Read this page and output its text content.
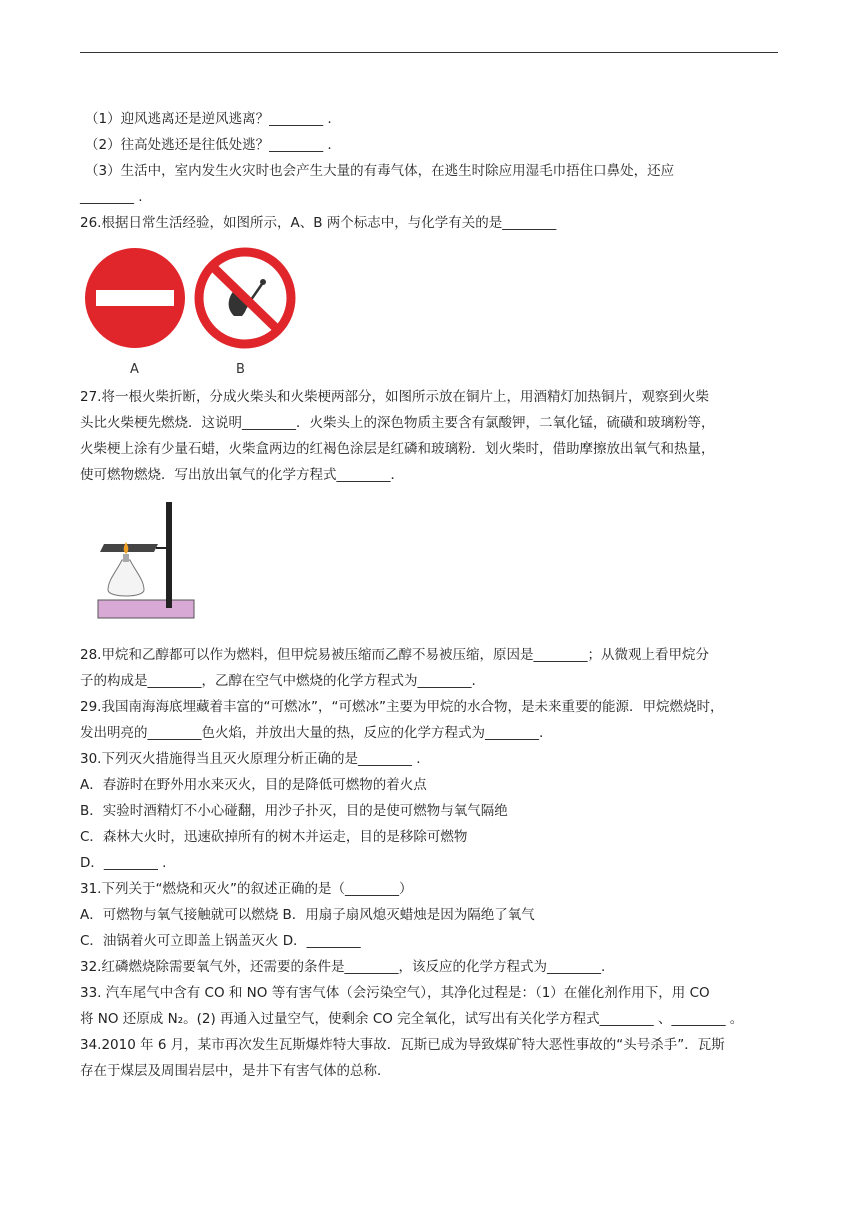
（1）迎风逃离还是逆风逃离？________ .
（2）往高处逃还是往低处逃？________ .
（3）生活中，室内发生火灾时也会产生大量的有毒气体，在逃生时除应用湿毛巾捂住口鼻处，还应
________ .
26.根据日常生活经验，如图所示，A、B 两个标志中，与化学有关的是________
A	B
27.将一根火柴折断，分成火柴头和火柴梗两部分，如图所示放在铜片上，用酒精灯加热铜片，观察到火柴
头比火柴梗先燃烧．这说明________．火柴头上的深色物质主要含有氯酸钾，二氧化锰，硫磺和玻璃粉等，
火柴梗上涂有少量石蜡，火柴盒两边的红褐色涂层是红磷和玻璃粉．划火柴时，借助摩擦放出氧气和热量，
使可燃物燃烧．写出放出氧气的化学方程式________．
28.甲烷和乙醇都可以作为燃料，但甲烷易被压缩而乙醇不易被压缩，原因是________；从微观上看甲烷分
子的构成是________，乙醇在空气中燃烧的化学方程式为________.
29.我国南海海底埋藏着丰富的“可燃冰”，“可燃冰”主要为甲烷的水合物，是未来重要的能源．甲烷燃烧时，
发出明亮的________色火焰，并放出大量的热，反应的化学方程式为________.
30.下列灭火措施得当且灭火原理分析正确的是________ .
A．春游时在野外用水来灭火，目的是降低可燃物的着火点
B．实验时酒精灯不小心碰翻，用沙子扑灭，目的是使可燃物与氧气隔绝
C．森林大火时，迅速砍掉所有的树木并运走，目的是移除可燃物
D．________ .
31.下列关于“燃烧和灭火”的叙述正确的是（________）
A．可燃物与氧气接触就可以燃烧 B．用扇子扇风熄灭蜡烛是因为隔绝了氧气
C．油锅着火可立即盖上锅盖灭火 D．________
32.红磷燃烧除需要氧气外，还需要的条件是________，该反应的化学方程式为________.
33. 汽车尾气中含有 CO 和 NO 等有害气体（会污染空气），其净化过程是：（1）在催化剂作用下，用 CO
将 NO 还原成 N₂。(2) 再通入过量空气，使剩余 CO 完全氧化，试写出有关化学方程式________ 、________ 。
34.2010 年 6 月，某市再次发生瓦斯爆炸特大事故．瓦斯已成为导致煤矿特大恶性事故的“头号杀手”．瓦斯
存在于煤层及周围岩层中，是井下有害气体的总称．
